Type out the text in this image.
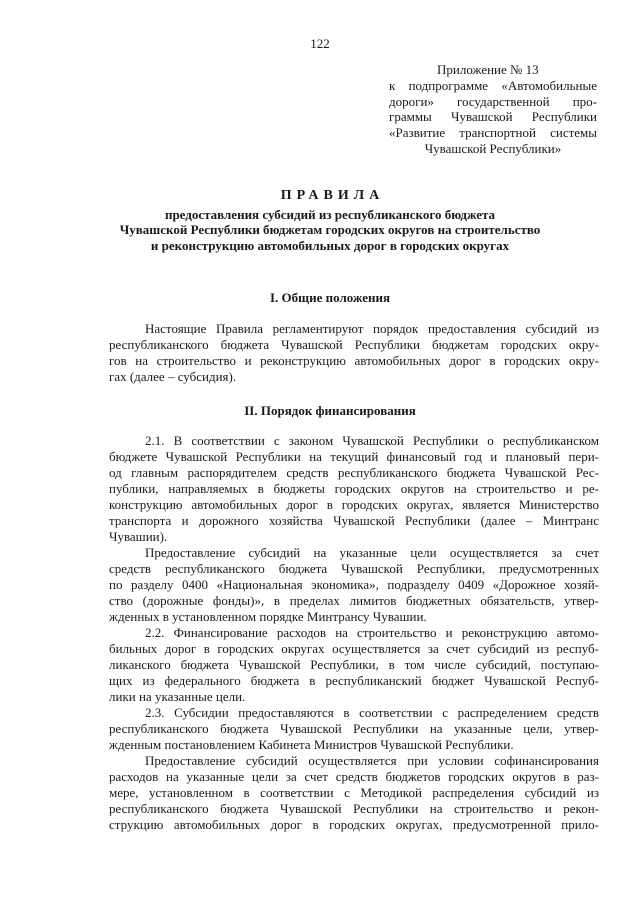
122
Приложение № 13
к подпрограмме «Автомобильные
дороги» государственной про-
граммы Чувашской Республики
«Развитие транспортной системы
Чувашской Республики»
ПРАВИЛА
предоставления субсидий из республиканского бюджета
Чувашской Республики бюджетам городских округов на строительство
и реконструкцию автомобильных дорог в городских округах
I. Общие положения
Настоящие Правила регламентируют порядок предоставления субсидий из
республиканского бюджета Чувашской Республики бюджетам городских окру-
гов на строительство и реконструкцию автомобильных дорог в городских окру-
гах (далее – субсидия).
II. Порядок финансирования
2.1. В соответствии с законом Чувашской Республики о республиканском
бюджете Чувашской Республики на текущий финансовый год и плановый пери-
од главным распорядителем средств республиканского бюджета Чувашской Рес-
публики, направляемых в бюджеты городских округов на строительство и ре-
конструкцию автомобильных дорог в городских округах, является Министерство
транспорта и дорожного хозяйства Чувашской Республики (далее – Минтранс
Чувашии).
Предоставление субсидий на указанные цели осуществляется за счет
средств республиканского бюджета Чувашской Республики, предусмотренных
по разделу 0400 «Национальная экономика», подразделу 0409 «Дорожное хозяй-
ство (дорожные фонды)», в пределах лимитов бюджетных обязательств, утвер-
жденных в установленном порядке Минтрансу Чувашии.
2.2. Финансирование расходов на строительство и реконструкцию автомо-
бильных дорог в городских округах осуществляется за счет субсидий из респуб-
ликанского бюджета Чувашской Республики, в том числе субсидий, поступаю-
щих из федерального бюджета в республиканский бюджет Чувашской Респуб-
лики на указанные цели.
2.3. Субсидии предоставляются в соответствии с распределением средств
республиканского бюджета Чувашской Республики на указанные цели, утвер-
жденным постановлением Кабинета Министров Чувашской Республики.
Предоставление субсидий осуществляется при условии софинансирования
расходов на указанные цели за счет средств бюджетов городских округов в раз-
мере, установленном в соответствии с Методикой распределения субсидий из
республиканского бюджета Чувашской Республики на строительство и рекон-
струкцию автомобильных дорог в городских округах, предусмотренной прило-
